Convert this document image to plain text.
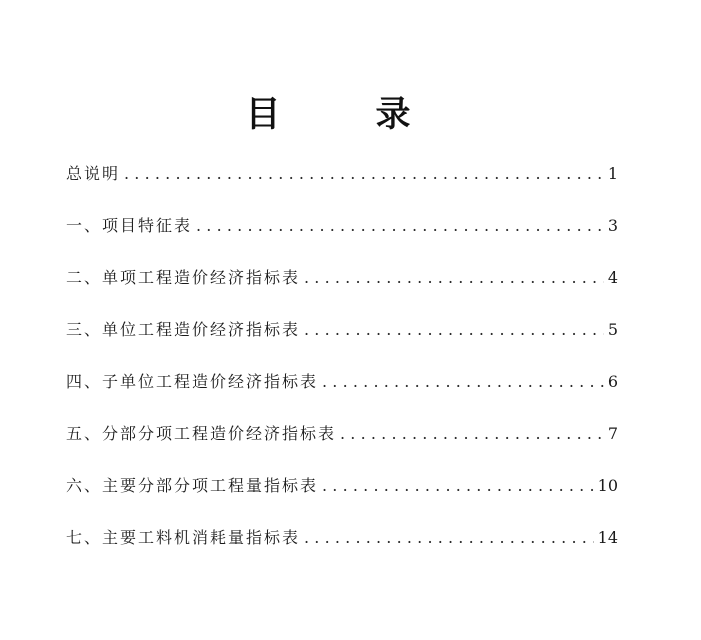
目　录
总说明 .....	1
一、项目特征表 .....	3
二、单项工程造价经济指标表 .....	4
三、单位工程造价经济指标表 .....	5
四、子单位工程造价经济指标表 .....	6
五、分部分项工程造价经济指标表 .....	7
六、主要分部分项工程量指标表 .....	10
七、主要工料机消耗量指标表 .....	14
